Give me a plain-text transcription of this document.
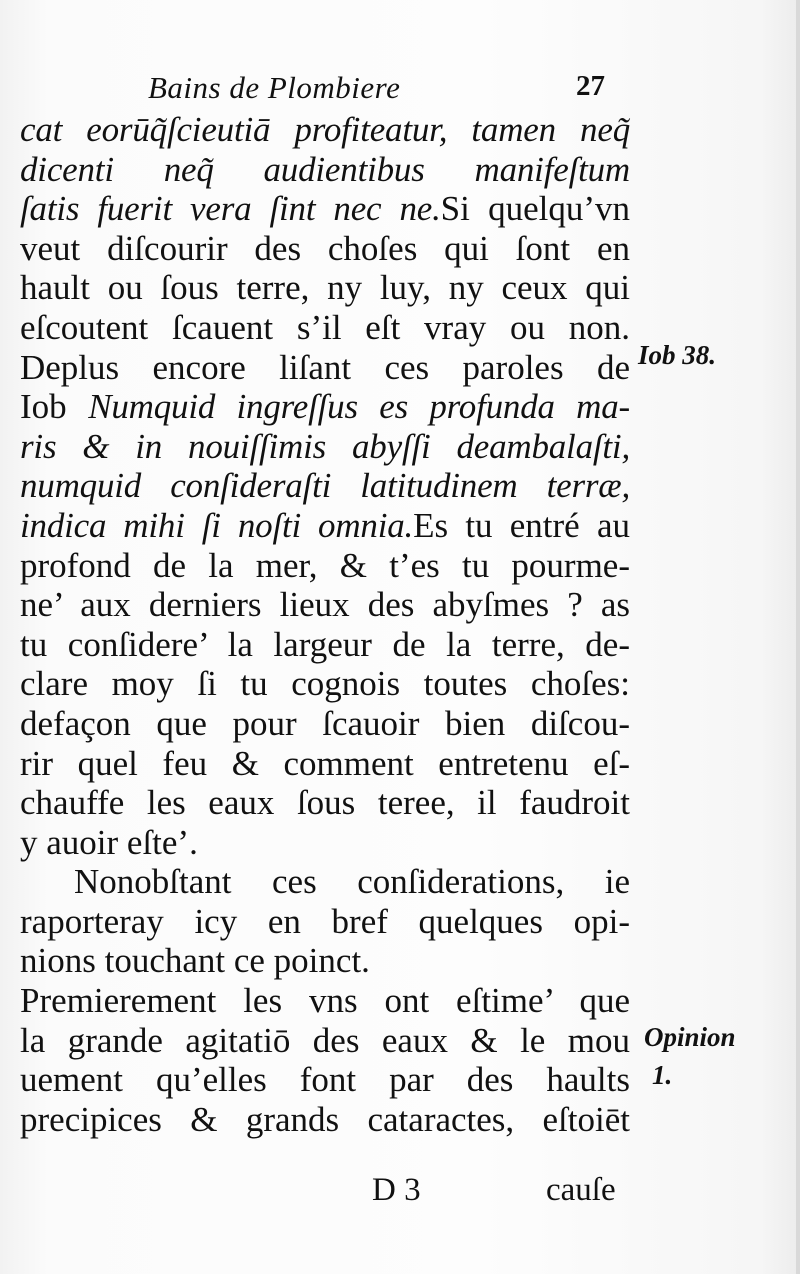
Bains de Plombiere	27
cat eorūq̃ſcieutiā profiteatur, tamen neq̃
dicenti neq̃ audientibus manifeſtum
ſatis fuerit vera ſint nec ne.Si quelqu’vn
veut diſcourir des choſes qui ſont en
hault ou ſous terre, ny luy, ny ceux qui
eſcoutent ſcauent s’il eſt vray ou non.
Deplus encore liſant ces paroles de
Iob Numquid ingreſſus es profunda ma-
ris & in nouiſſimis abyſſi deambalaſti,
numquid conſideraſti latitudinem terræ,
indica mihi ſi noſti omnia.Es tu entré au
profond de la mer, & t’es tu pourme-
ne’ aux derniers lieux des abyſmes ? as
tu conſidere’ la largeur de la terre, de-
clare moy ſi tu cognois toutes choſes:
defaçon que pour ſcauoir bien diſcou-
rir quel feu & comment entretenu eſ-
chauffe les eaux ſous teree, il faudroit
y auoir eſte’.
Nonobſtant ces conſiderations, ie
raporteray icy en bref quelques opi-
nions touchant ce poinct.
Premierement les vns ont eſtime’ que
la grande agitatiō des eaux & le mou
uement qu’elles font par des haults
precipices & grands cataractes, eſtoiēt
Iob 38.
Opinion
1.
D 3	cauſe
